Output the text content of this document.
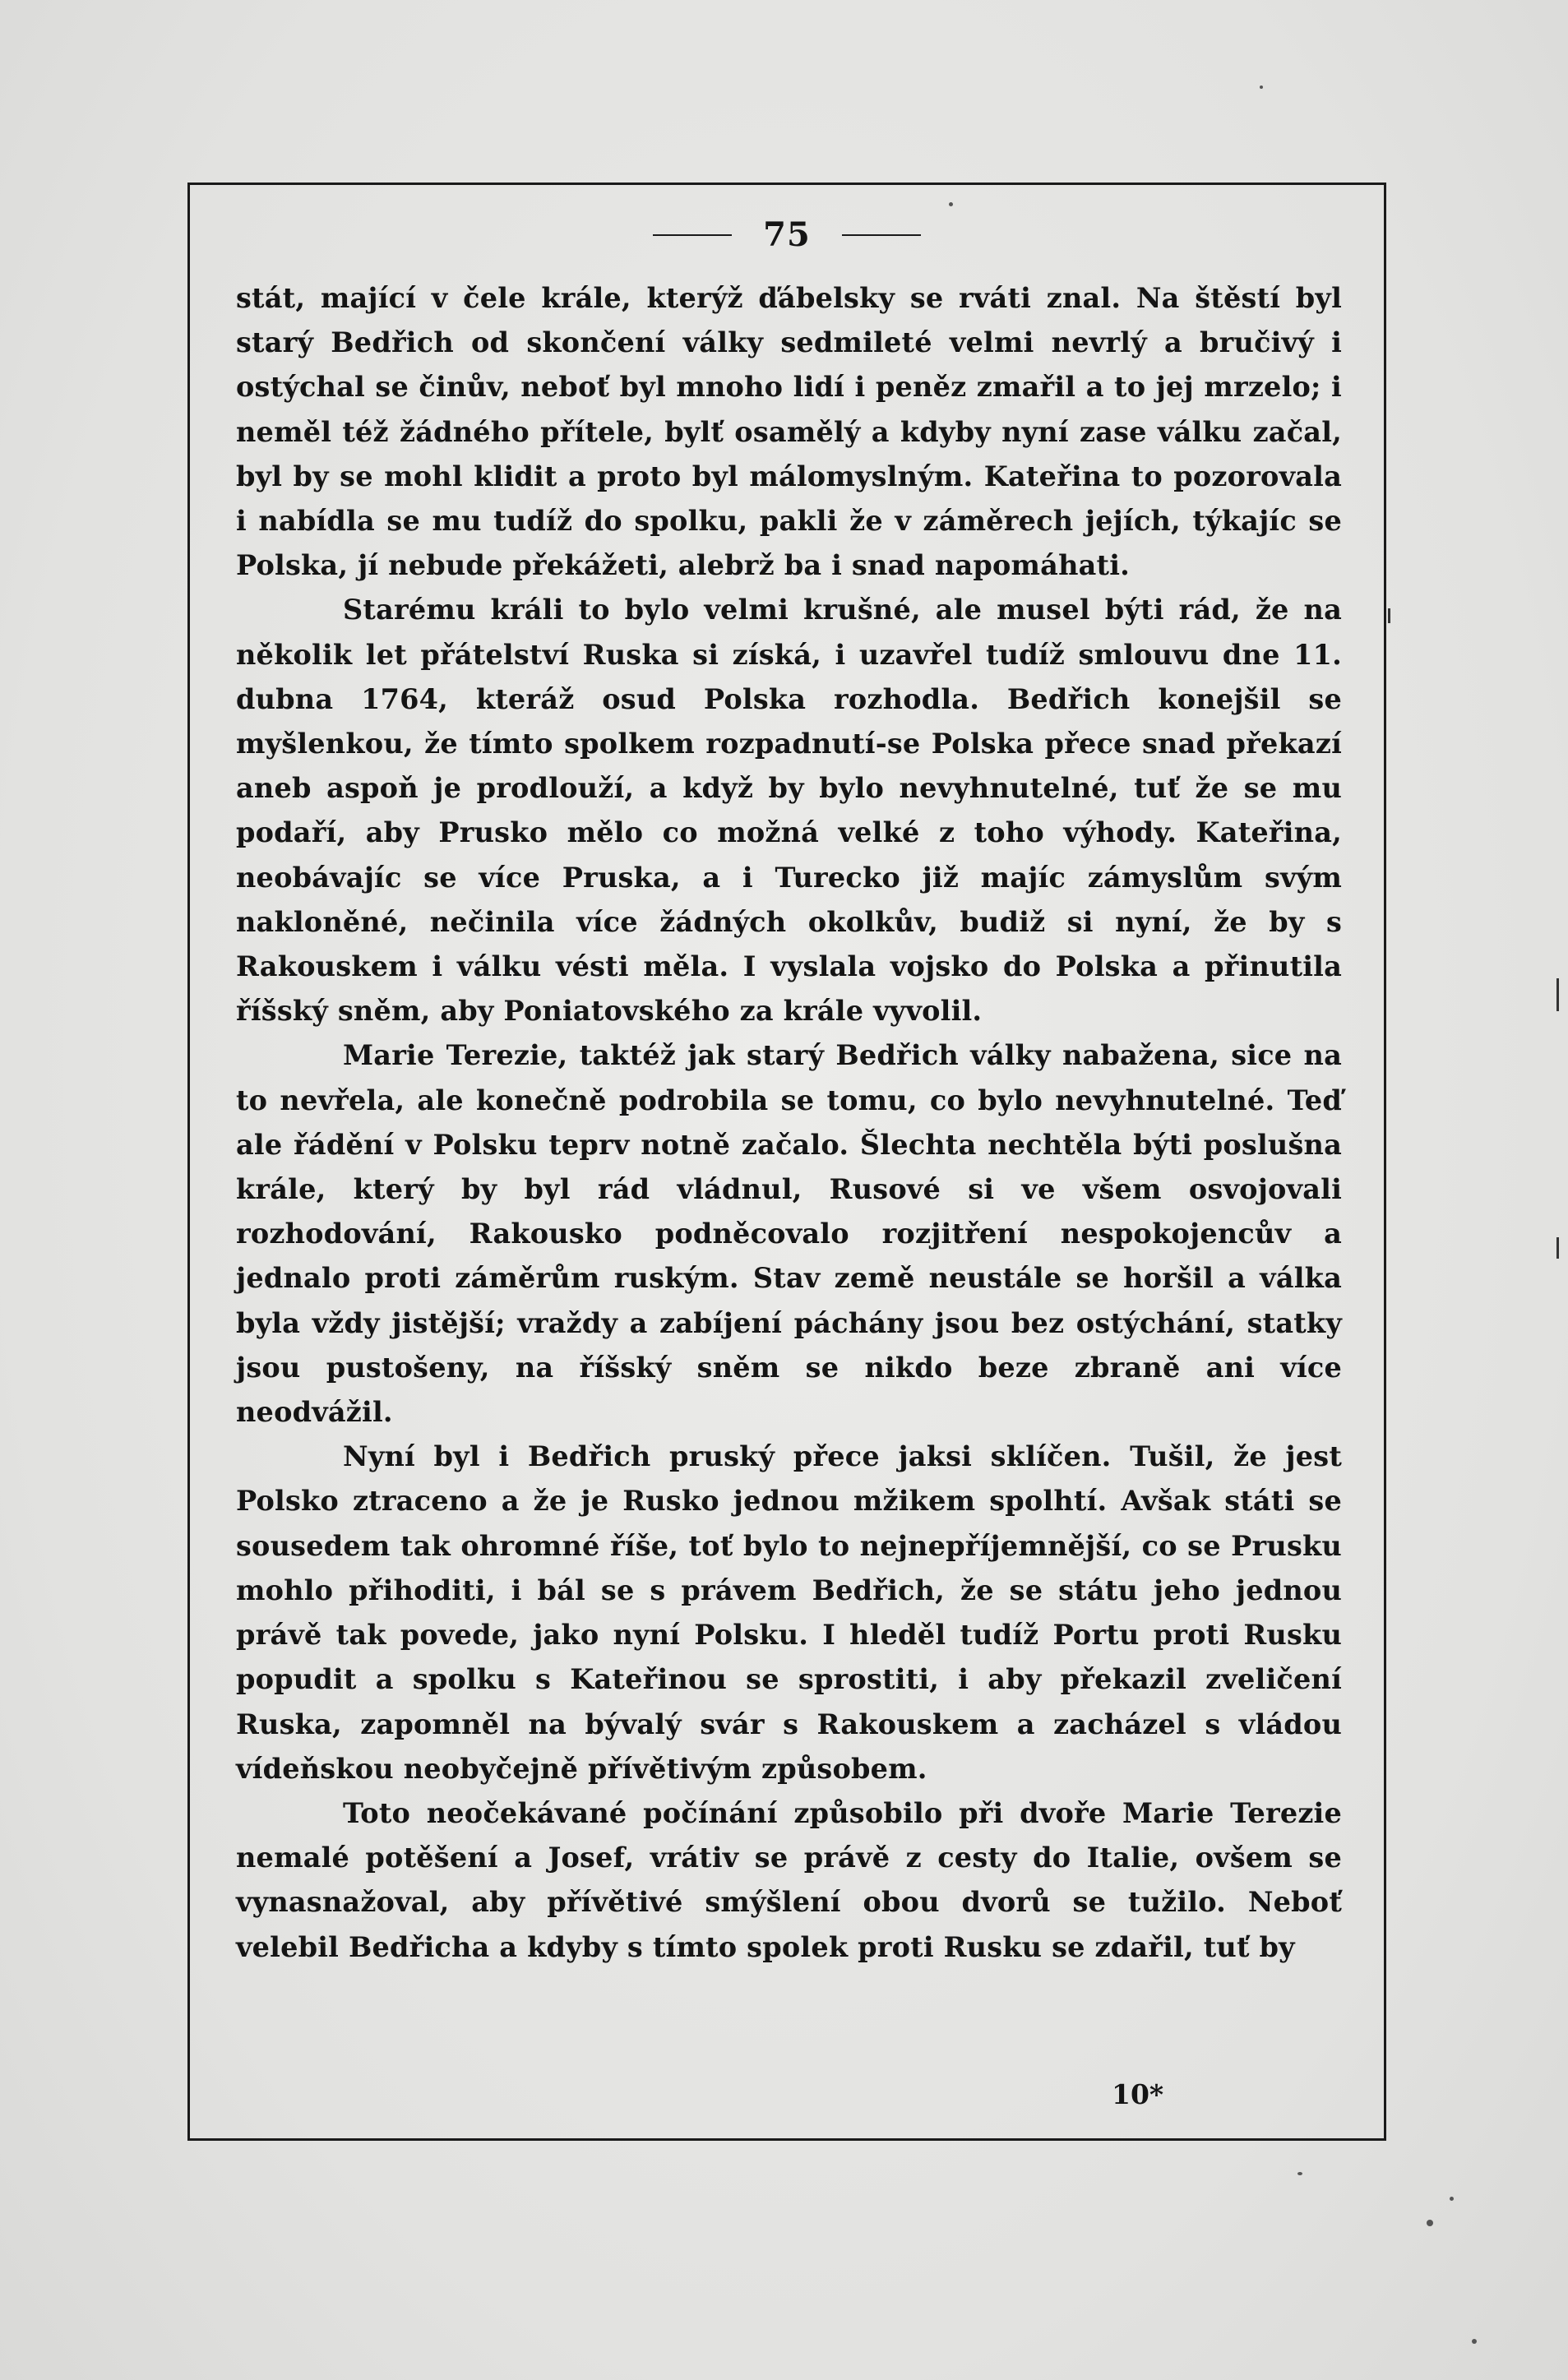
75

stát, mající v čele krále, kterýž ďábelsky se rváti znal. Na štěstí byl starý Bedřich od skončení války sedmileté velmi nevrlý a bručivý i ostýchal se činův, neboť byl mnoho lidí i peněz zmařil a to jej mrzelo; i neměl též žádného přítele, bylť osamělý a kdyby nyní zase válku začal, byl by se mohl klidit a proto byl málomyslným. Kateřina to pozorovala i nabídla se mu tudíž do spolku, pakli že v záměrech jejích, týkajíc se Polska, jí nebude překážeti, alebrž ba i snad napomáhati.

Starému králi to bylo velmi krušné, ale musel býti rád, že na několik let přátelství Ruska si získá, i uzavřel tudíž smlouvu dne 11. dubna 1764, kteráž osud Polska rozhodla. Bedřich konejšil se myšlenkou, že tímto spolkem rozpadnutí-se Polska přece snad překazí aneb aspoň je prodlouží, a když by bylo nevyhnutelné, tuť že se mu podaří, aby Prusko mělo co možná velké z toho výhody. Kateřina, neobávajíc se více Pruska, a i Turecko již majíc zámyslům svým nakloněné, nečinila více žádných okolkův, budiž si nyní, že by s Rakouskem i válku vésti měla. I vyslala vojsko do Polska a přinutila říšský sněm, aby Poniatovského za krále vyvolil.

Marie Terezie, taktéž jak starý Bedřich války nabažena, sice na to nevřela, ale konečně podrobila se tomu, co bylo nevyhnutelné. Teď ale řádění v Polsku teprv notně začalo. Šlechta nechtěla býti poslušna krále, který by byl rád vládnul, Rusové si ve všem osvojovali rozhodování, Rakousko podněcovalo rozjitření nespokojencův a jednalo proti záměrům ruským. Stav země neustále se horšil a válka byla vždy jistější; vraždy a zabíjení páchány jsou bez ostýchání, statky jsou pustošeny, na říšský sněm se nikdo beze zbraně ani více neodvážil.

Nyní byl i Bedřich pruský přece jaksi sklíčen. Tušil, že jest Polsko ztraceno a že je Rusko jednou mžikem spolhtí. Avšak státi se sousedem tak ohromné říše, toť bylo to nejnepříjemnější, co se Prusku mohlo přihoditi, i bál se s právem Bedřich, že se státu jeho jednou právě tak povede, jako nyní Polsku. I hleděl tudíž Portu proti Rusku popudit a spolku s Kateřinou se sprostiti, i aby překazil zveličení Ruska, zapomněl na bývalý svár s Rakouskem a zacházel s vládou vídeňskou neobyčejně přívětivým způsobem.

Toto neočekávané počínání způsobilo při dvoře Marie Terezie nemalé potěšení a Josef, vrátiv se právě z cesty do Italie, ovšem se vynasnažoval, aby přívětivé smýšlení obou dvorů se tužilo. Neboť velebil Bedřicha a kdyby s tímto spolek proti Rusku se zdařil, tuť by

10*
